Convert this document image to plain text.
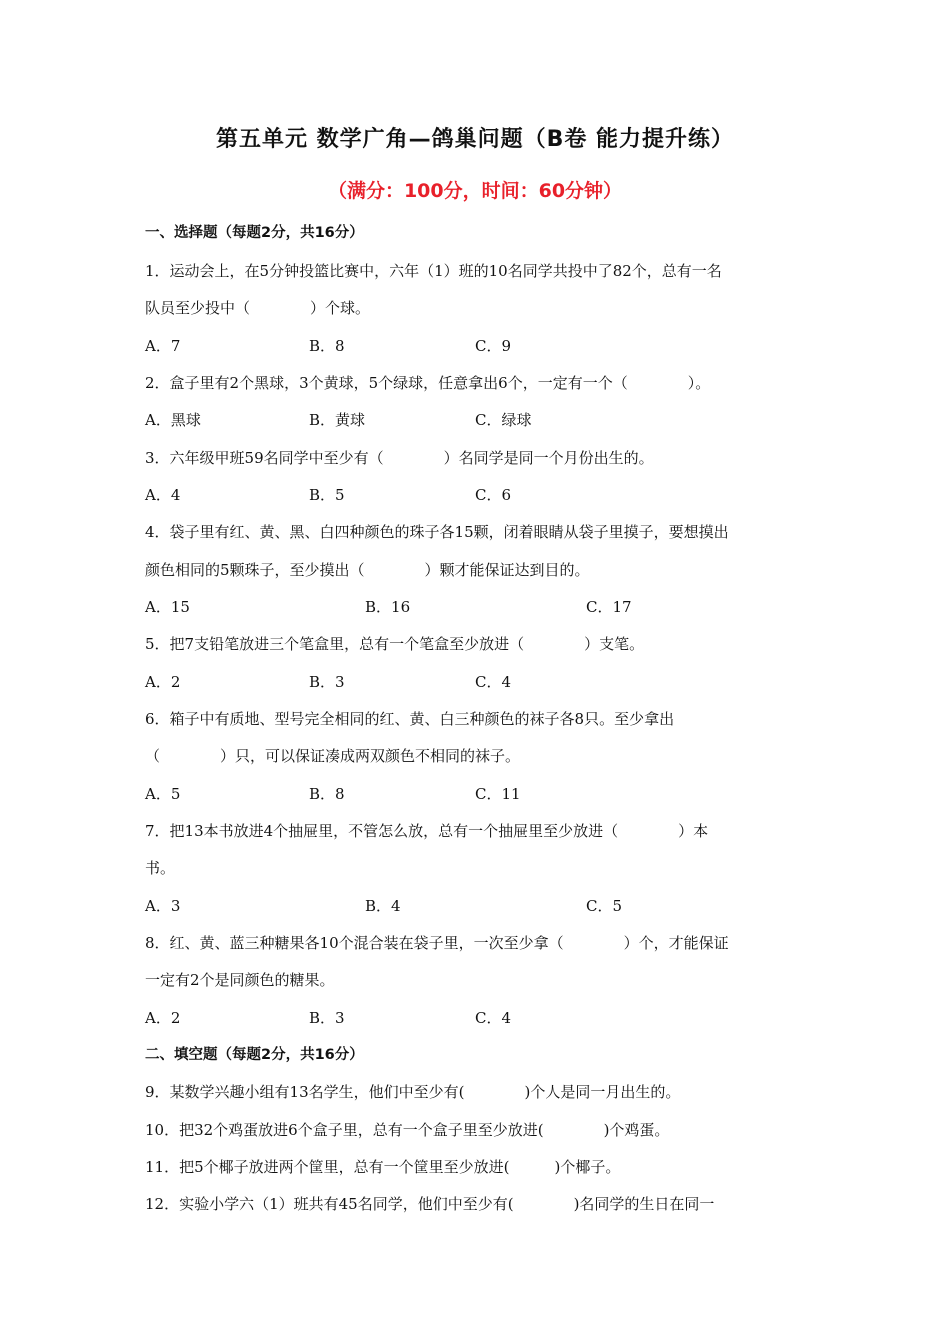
第五单元 数学广角—鸽巢问题（B卷 能力提升练）
（满分：100分，时间：60分钟）
一、选择题（每题2分，共16分）
1．运动会上，在5分钟投篮比赛中，六年（1）班的10名同学共投中了82个，总有一名
队员至少投中（　　　　）个球。
A．7	B．8	C．9
2．盒子里有2个黑球，3个黄球，5个绿球，任意拿出6个，一定有一个（　　　　）。
A．黑球	B．黄球	C．绿球
3．六年级甲班59名同学中至少有（　　　　）名同学是同一个月份出生的。
A．4	B．5	C．6
4．袋子里有红、黄、黑、白四种颜色的珠子各15颗，闭着眼睛从袋子里摸子，要想摸出
颜色相同的5颗珠子，至少摸出（　　　　）颗才能保证达到目的。
A．15	B．16	C．17
5．把7支铅笔放进三个笔盒里，总有一个笔盒至少放进（　　　　）支笔。
A．2	B．3	C．4
6．箱子中有质地、型号完全相同的红、黄、白三种颜色的袜子各8只。至少拿出
（　　　　）只，可以保证凑成两双颜色不相同的袜子。
A．5	B．8	C．11
7．把13本书放进4个抽屉里，不管怎么放，总有一个抽屉里至少放进（　　　　）本
书。
A．3	B．4	C．5
8．红、黄、蓝三种糖果各10个混合装在袋子里，一次至少拿（　　　　）个，才能保证
一定有2个是同颜色的糖果。
A．2	B．3	C．4
二、填空题（每题2分，共16分）
9．某数学兴趣小组有13名学生，他们中至少有(　　　　)个人是同一月出生的。
10．把32个鸡蛋放进6个盒子里，总有一个盒子里至少放进(　　　　)个鸡蛋。
11．把5个椰子放进两个筐里，总有一个筐里至少放进(　　　)个椰子。
12．实验小学六（1）班共有45名同学，他们中至少有(　　　　)名同学的生日在同一
